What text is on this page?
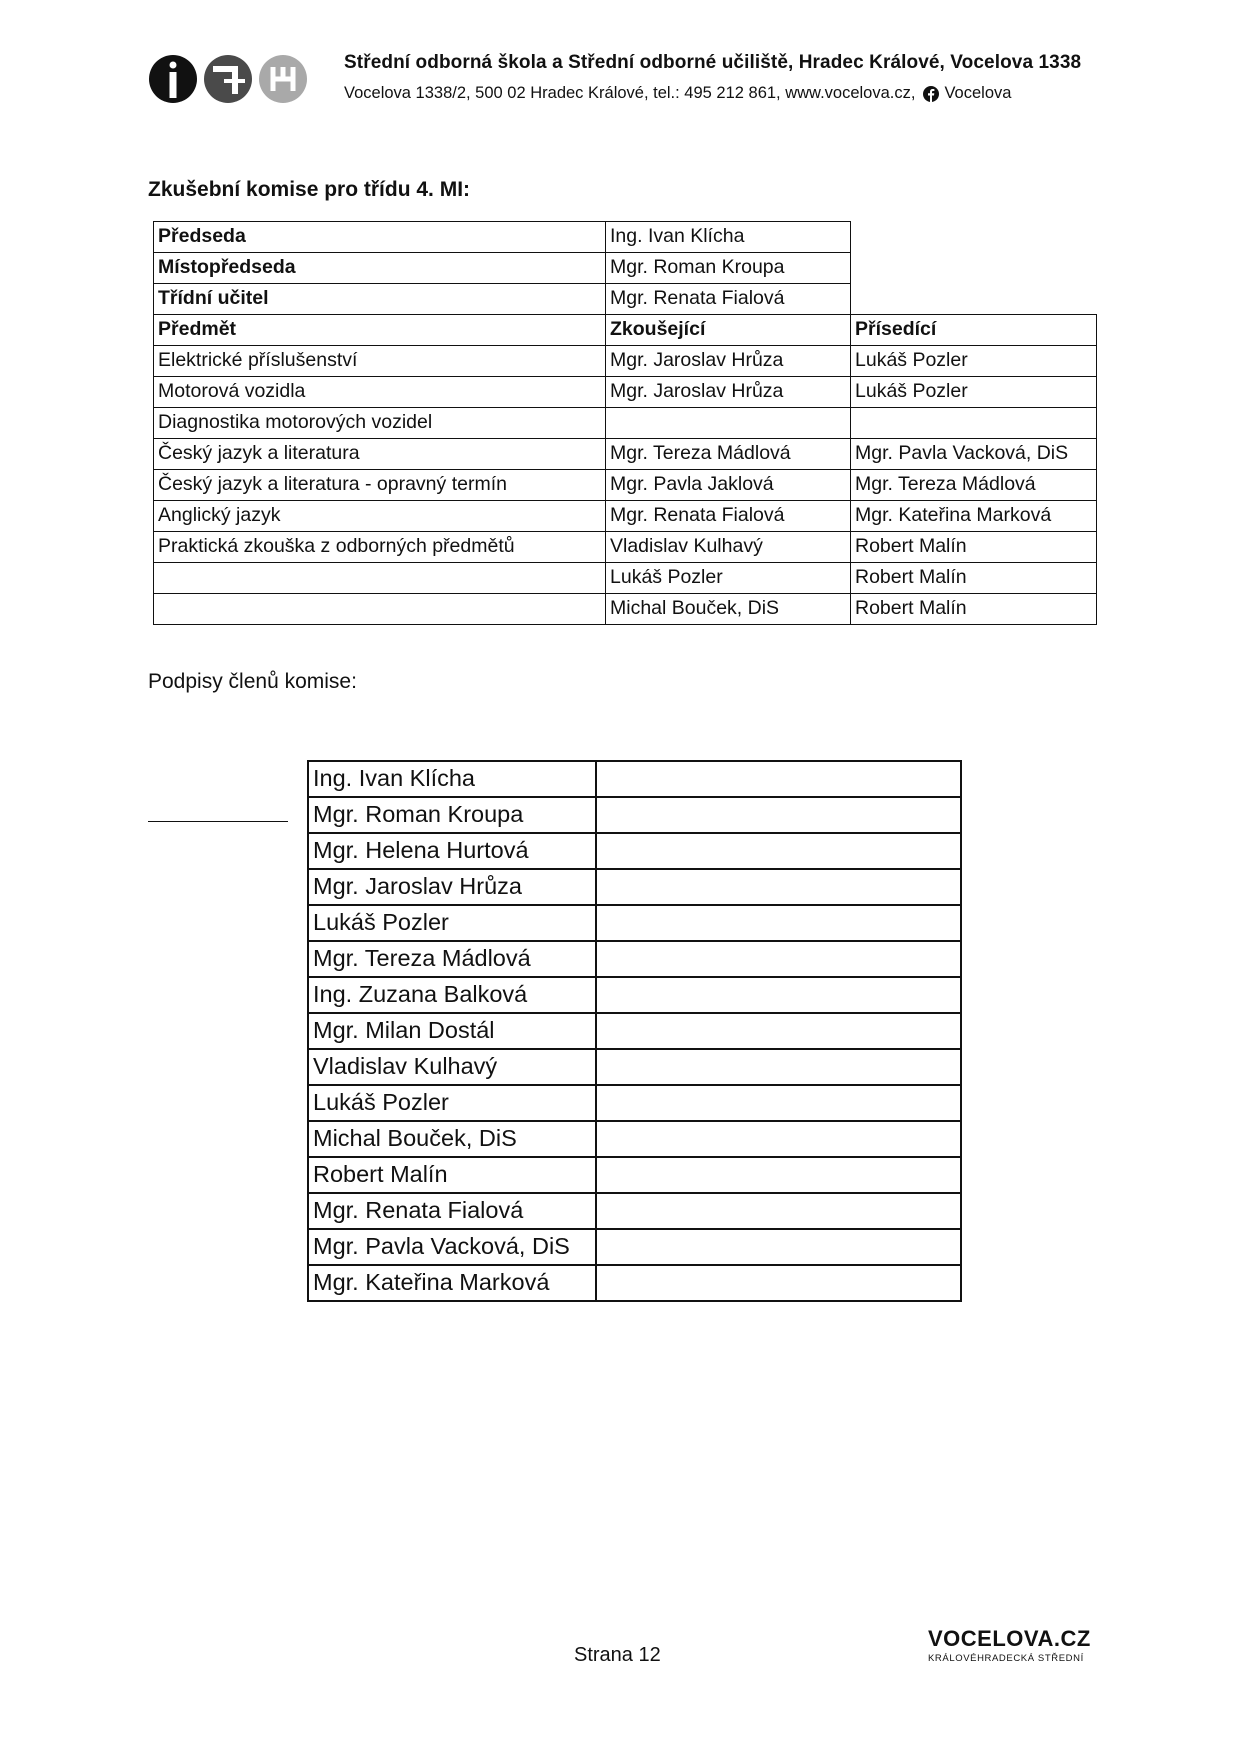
Střední odborná škola a Střední odborné učiliště, Hradec Králové, Vocelova 1338
Vocelova 1338/2, 500 02 Hradec Králové, tel.: 495 212 861, www.vocelova.cz, Vocelova
Zkušební komise pro třídu 4. MI:
Předseda	Ing. Ivan Klícha	
Místopředseda	Mgr. Roman Kroupa	
Třídní učitel	Mgr. Renata Fialová	
Předmět	Zkoušející	Přísedící
Elektrické příslušenství	Mgr. Jaroslav Hrůza	Lukáš Pozler
Motorová vozidla	Mgr. Jaroslav Hrůza	Lukáš Pozler
Diagnostika motorových vozidel		
Český jazyk a literatura	Mgr. Tereza Mádlová	Mgr. Pavla Vacková, DiS
Český jazyk a literatura - opravný termín	Mgr. Pavla Jaklová	Mgr. Tereza Mádlová
Anglický jazyk	Mgr. Renata Fialová	Mgr. Kateřina Marková
Praktická zkouška z odborných předmětů	Vladislav Kulhavý	Robert Malín
	Lukáš Pozler	Robert Malín
	Michal Bouček, DiS	Robert Malín
Podpisy členů komise:
Ing. Ivan Klícha	
Mgr. Roman Kroupa	
Mgr. Helena Hurtová	
Mgr. Jaroslav Hrůza	
Lukáš Pozler	
Mgr. Tereza Mádlová	
Ing. Zuzana Balková	
Mgr. Milan Dostál	
Vladislav Kulhavý	
Lukáš Pozler	
Michal Bouček, DiS	
Robert Malín	
Mgr. Renata Fialová	
Mgr. Pavla Vacková, DiS	
Mgr. Kateřina Marková	
Strana 12
VOCELOVA.CZ
KRÁLOVÉHRADECKÁ STŘEDNÍ
